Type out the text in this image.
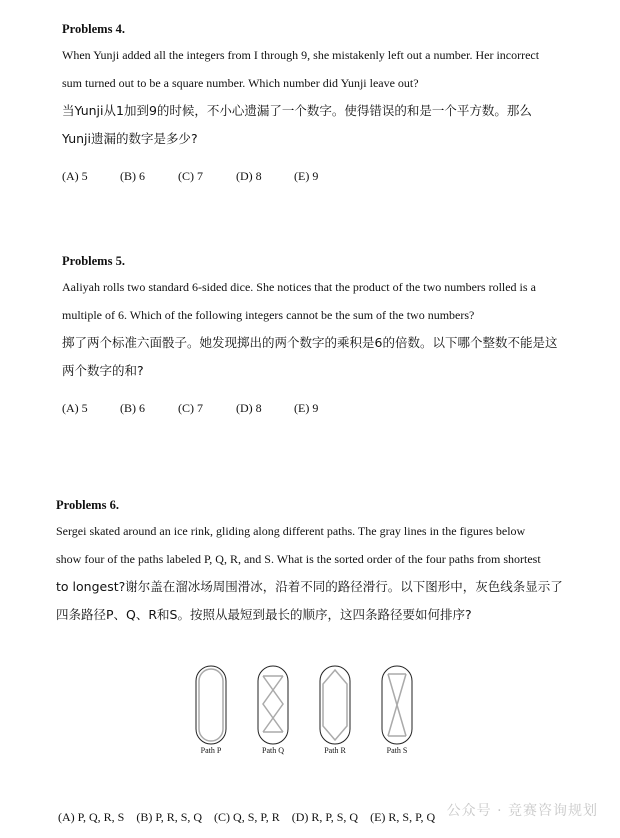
Problems 4.

When Yunji added all the integers from I through 9, she mistakenly left out a number. Her incorrect

sum turned out to be a square number. Which number did Yunji leave out?

当Yunji从1加到9的时候，不小心遗漏了一个数字。使得错误的和是一个平方数。那么

Yunji遗漏的数字是多少?

(A) 5	(B) 6	(C) 7	(D) 8	(E) 9

Problems 5.

Aaliyah rolls two standard 6-sided dice. She notices that the product of the two numbers rolled is a

multiple of 6. Which of the following integers cannot be the sum of the two numbers?

掷了两个标准六面骰子。她发现掷出的两个数字的乘积是6的倍数。以下哪个整数不能是这

两个数字的和?

(A) 5	(B) 6	(C) 7	(D) 8	(E) 9

Problems 6.

Sergei skated around an ice rink, gliding along different paths. The gray lines in the figures below

show four of the paths labeled P, Q, R, and S. What is the sorted order of the four paths from shortest

to longest?谢尔盖在溜冰场周围滑冰，沿着不同的路径滑行。以下图形中，灰色线条显示了

四条路径P、Q、R和S。按照从最短到最长的顺序，这四条路径要如何排序?

Path P	Path Q	Path R	Path S
(A) P, Q, R, S (B) P, R, S, Q (C) Q, S, P, R (D) R, P, S, Q (E) R, S, P, Q 公众号 · 竞赛咨询规划
